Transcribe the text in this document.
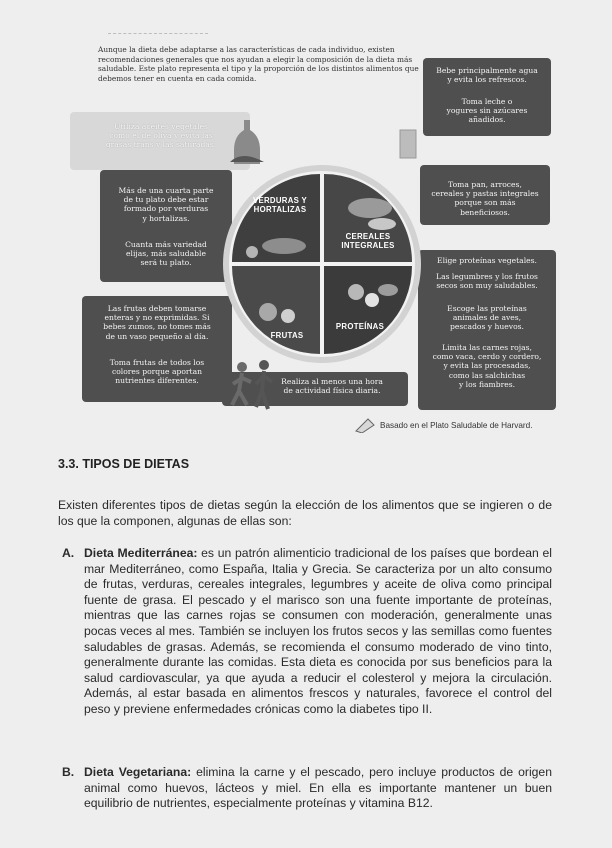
Aunque la dieta debe adaptarse a las características de cada individuo, existen recomendaciones generales que nos ayudan a elegir la composición de la dieta más saludable. Este plato representa el tipo y la proporción de los distintos alimentos que debemos tener en cuenta en cada comida.
Bebe principalmente agua
y evita los refrescos.
Toma leche o
yogures sin azúcares
añadidos.
Utiliza aceites vegetales
como el de oliva y evita las
grasas trans y las saturadas.
Más de una cuarta parte
de tu plato debe estar
formado por verduras
y hortalizas.
Cuanta más variedad
elijas, más saludable
será tu plato.
Toma pan, arroces,
cereales y pastas integrales
porque son más
beneficiosos.
Elige proteínas vegetales.
Las legumbres y los frutos
secos son muy saludables.
Escoge las proteínas
animales de aves,
pescados y huevos.
Limita las carnes rojas,
como vaca, cerdo y cordero,
y evita las procesadas,
como las salchichas
y los fiambres.
Las frutas deben tomarse
enteras y no exprimidas. Si
bebes zumos, no tomes más
de un vaso pequeño al día.
Toma frutas de todos los
colores porque aportan
nutrientes diferentes.	Realiza al menos una hora
de actividad física diaria.
VERDURAS Y
HORTALIZAS
CEREALES
INTEGRALES
FRUTAS
PROTEÍNAS
Basado en el Plato Saludable de Harvard.
3.3. TIPOS DE DIETAS
Existen diferentes tipos de dietas según la elección de los alimentos que se ingieren o de los que la componen, algunas de ellas son:
A. Dieta Mediterránea: es un patrón alimenticio tradicional de los países que bordean el mar Mediterráneo, como España, Italia y Grecia. Se caracteriza por un alto consumo de frutas, verduras, cereales integrales, legumbres y aceite de oliva como principal fuente de grasa. El pescado y el marisco son una fuente importante de proteínas, mientras que las carnes rojas se consumen con moderación, generalmente unas pocas veces al mes. También se incluyen los frutos secos y las semillas como fuentes saludables de grasas. Además, se recomienda el consumo moderado de vino tinto, generalmente durante las comidas. Esta dieta es conocida por sus beneficios para la salud cardiovascular, ya que ayuda a reducir el colesterol y mejora la circulación. Además, al estar basada en alimentos frescos y naturales, favorece el control del peso y previene enfermedades crónicas como la diabetes tipo II.
B. Dieta Vegetariana: elimina la carne y el pescado, pero incluye productos de origen animal como huevos, lácteos y miel. En ella es importante mantener un buen equilibrio de nutrientes, especialmente proteínas y vitamina B12.
